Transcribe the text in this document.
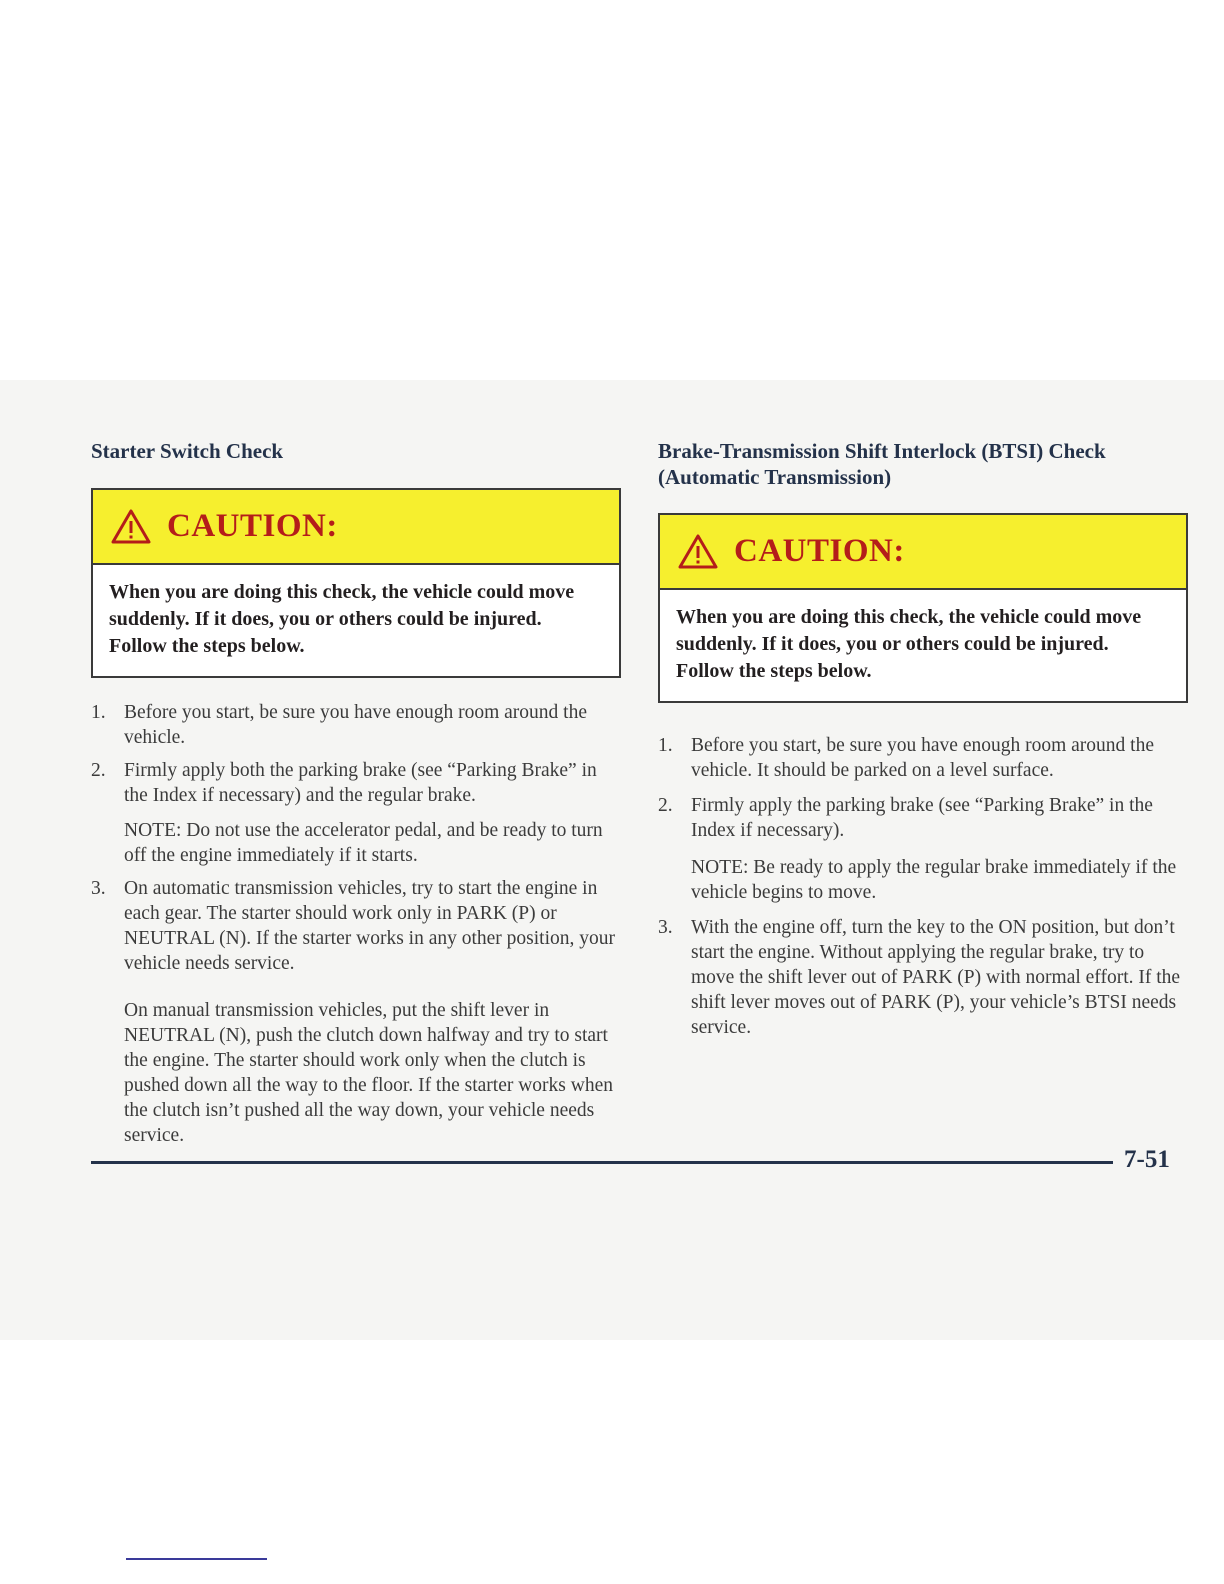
Starter Switch Check
CAUTION:
When you are doing this check, the vehicle could move suddenly. If it does, you or others could be injured. Follow the steps below.
1. Before you start, be sure you have enough room around the vehicle.

2. Firmly apply both the parking brake (see “Parking Brake” in the Index if necessary) and the regular brake.

NOTE: Do not use the accelerator pedal, and be ready to turn off the engine immediately if it starts.

3. On automatic transmission vehicles, try to start the engine in each gear. The starter should work only in PARK (P) or NEUTRAL (N). If the starter works in any other position, your vehicle needs service.

On manual transmission vehicles, put the shift lever in NEUTRAL (N), push the clutch down halfway and try to start the engine. The starter should work only when the clutch is pushed down all the way to the floor. If the starter works when the clutch isn’t pushed all the way down, your vehicle needs service.

Brake-Transmission Shift Interlock (BTSI) Check
(Automatic Transmission)
CAUTION:
When you are doing this check, the vehicle could move suddenly. If it does, you or others could be injured. Follow the steps below.
1. Before you start, be sure you have enough room around the vehicle. It should be parked on a level surface.

2. Firmly apply the parking brake (see “Parking Brake” in the Index if necessary).

NOTE: Be ready to apply the regular brake immediately if the vehicle begins to move.

3. With the engine off, turn the key to the ON position, but don’t start the engine. Without applying the regular brake, try to move the shift lever out of PARK (P) with normal effort. If the shift lever moves out of PARK (P), your vehicle’s BTSI needs service.

7-51
